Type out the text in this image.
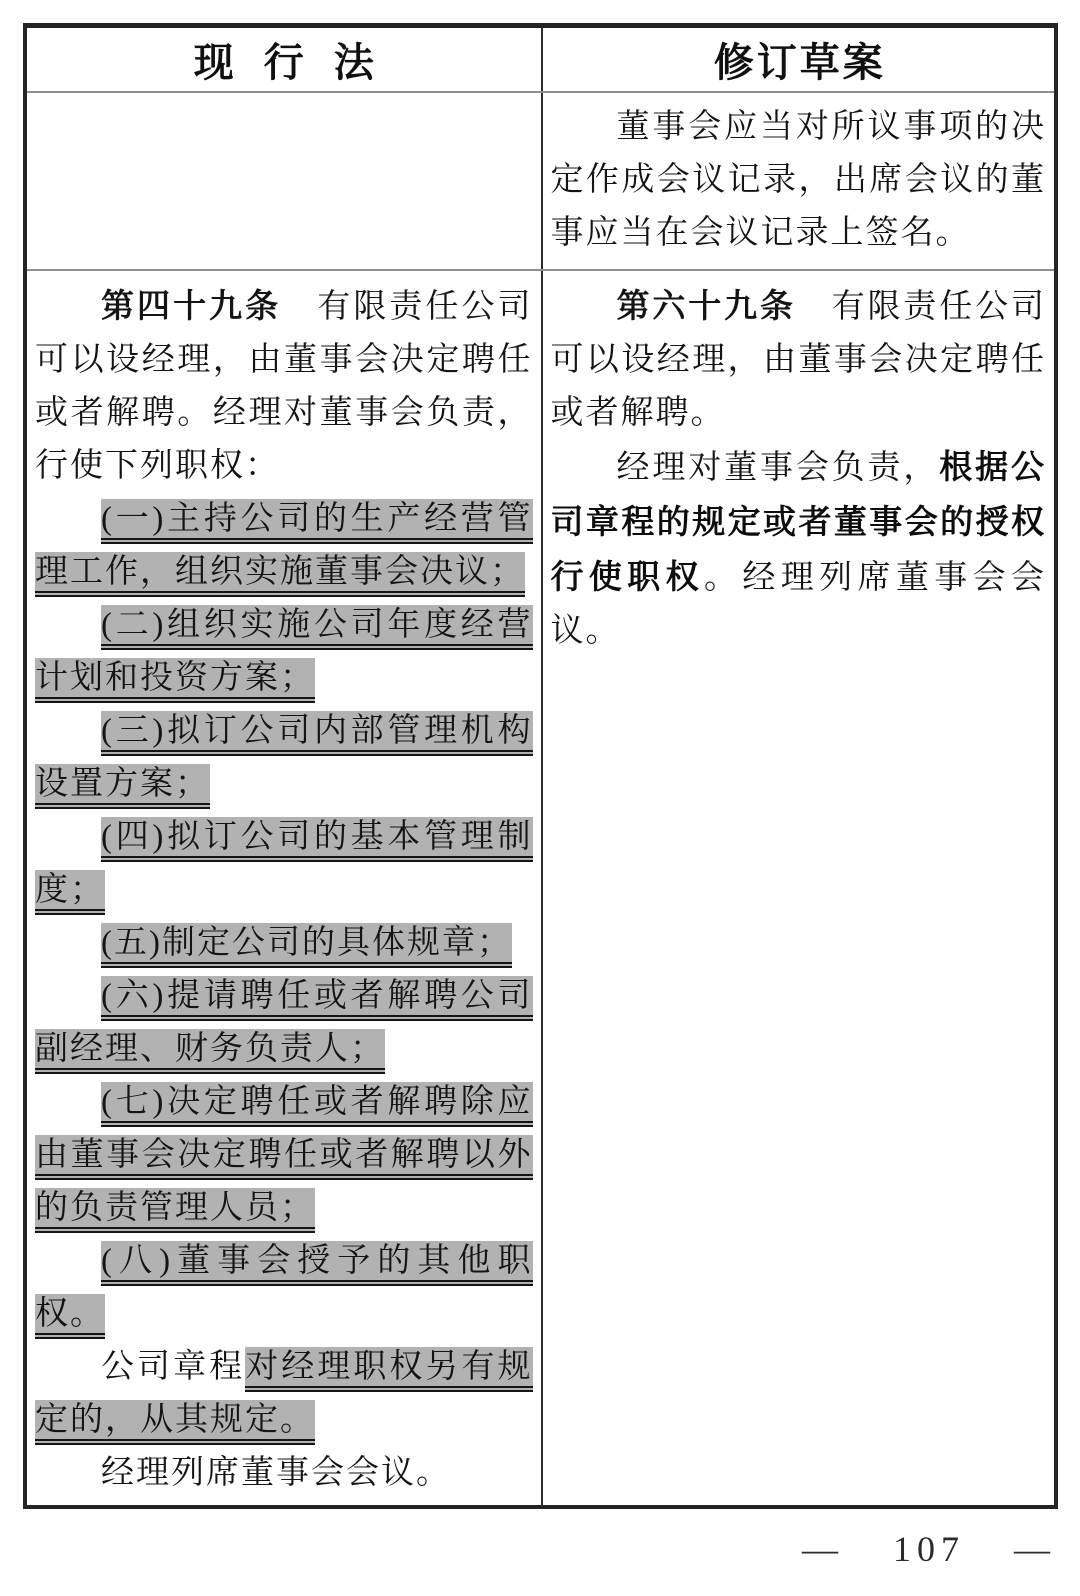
现行法	修订草案

董事会应当对所议事项的决定作成会议记录，出席会议的董事应当在会议记录上签名。

第四十九条　有限责任公司可以设经理，由董事会决定聘任或者解聘。经理对董事会负责，行使下列职权：

(一)主持公司的生产经营管理工作，组织实施董事会决议；

(二)组织实施公司年度经营计划和投资方案；

(三)拟订公司内部管理机构设置方案；

(四)拟订公司的基本管理制度；

(五)制定公司的具体规章；

(六)提请聘任或者解聘公司副经理、财务负责人；

(七)决定聘任或者解聘除应由董事会决定聘任或者解聘以外的负责管理人员；

(八)董事会授予的其他职权。

公司章程对经理职权另有规定的，从其规定。

经理列席董事会会议。

第六十九条　有限责任公司可以设经理，由董事会决定聘任或者解聘。

经理对董事会负责，根据公司章程的规定或者董事会的授权行使职权。经理列席董事会会议。

— 107 —
